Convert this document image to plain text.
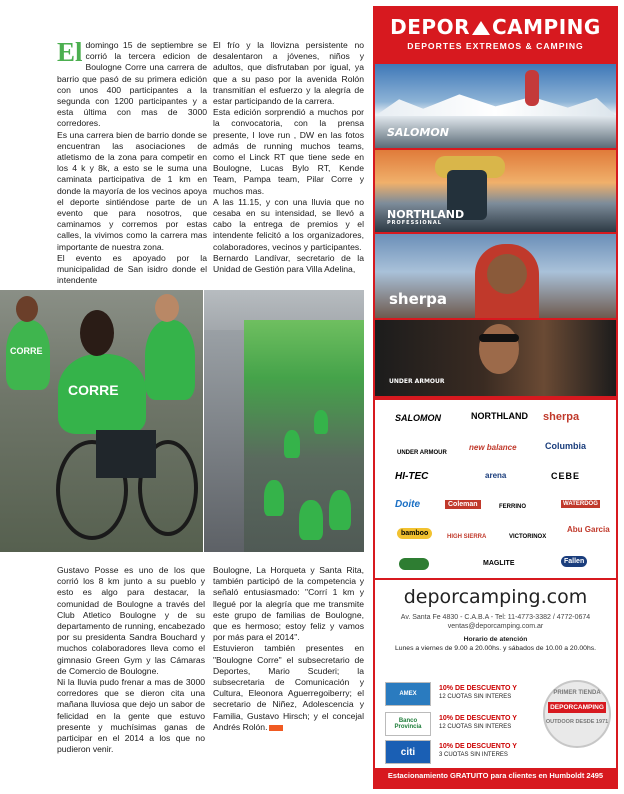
El domingo 15 de septiembre se corrió la tercera edicion de Boulogne Corre una carrera de barrio que pasó de su primera edición con unos 400 participantes a la segunda con 1200 participantes y a esta última con mas de 3000 corredores.

Es una carrera bien de barrio donde se encuentran las asociaciones de atletismo de la zona para competir en los 4 k y 8k, a esto se le suma una caminata participativa de 1 km en donde la mayoría de los vecinos apoya el deporte sintiéndose parte de un evento que para nosotros, que caminamos y corremos por estas calles, la vivimos como la carrera mas importante de nuestra zona.

El evento es apoyado por la municipalidad de San isidro donde el intendente

El frío y la llovizna persistente no desalentaron a jóvenes, niños y adultos, que disfrutaban por igual, ya que a su paso por la avenida Rolón transmitían el esfuerzo y la alegría de estar participando de la carrera.

Esta edición sorprendió a muchos por la convocatoria, con la prensa presente, I love run , DW en las fotos admás de running muchos teams, como el Linck RT que tiene sede en Boulogne, Lucas Bylo RT, Kende Team, Pampa team, Pilar Corre y muchos mas.

A las 11.15, y con una lluvia que no cesaba en su intensidad, se llevó a cabo la entrega de premios y el intendente felicitó a los organizadores, colaboradores, vecinos y participantes.

Bernardo Landívar, secretario de la Unidad de Gestión para Villa Adelina,

CORRE
CORRE

Gustavo Posse es uno de los que corrió los 8 km junto a su pueblo y esto es algo para destacar, la comunidad de Boulogne a través del Club Atletico Boulogne y de su departamento de running, encabezado por su presidenta Sandra Bouchard y muchos colaboradores lleva como el gimnasio Green Gym y las Cámaras de Comercio de Boulogne.

Ni la lluvia pudo frenar a mas de 3000 corredores que se dieron cita una mañana lluviosa que dejo un sabor de felicidad en la gente que estuvo presente y muchísimas ganas de participar en el 2014 a los que no pudieron venir.

Boulogne, La Horqueta y Santa Rita, también participó de la competencia y señaló entusiasmado: "Corrí 1 km y llegué por la alegría que me transmite este grupo de familias de Boulogne, que es hermoso; estoy feliz y vamos por más para el 2014".

Estuvieron también presentes en "Boulogne Corre" el subsecretario de Deportes, Mario Scuderi; la subsecretaria de Comunicación y Cultura, Eleonora Aguerregoiberry; el secretario de Niñez, Adolescencia y Familia, Gustavo Hirsch; y el concejal Andrés Rolón.

DEPOR CAMPING
DEPORTES EXTREMOS & CAMPING
SALOMON
NORTHLAND
PROFESSIONAL
sherpa
UNDER ARMOUR
SALOMON	NORTHLAND sherpa
UNDER ARMOUR
new balance	Columbia
HI-TEC	arena	CEBE
Doite	Coleman	FERRINO	WATERDOG
bamboo	HIGH SIERRA	VICTORINOX
Abu Garcia
MAGLITE	Fallen
deporcamping.com
Av. Santa Fe 4830 - C.A.B.A - Tel: 11-4773-3382 / 4772-0674
ventas@deporcamping.com.ar
Horario de atención
Lunes a viernes de 9.00 a 20.00hs. y sábados de 10.00 a 20.00hs.
AMEX
10% DE DESCUENTO Y
12 CUOTAS SIN INTERES
Banco Provincia
10% DE DESCUENTO Y
12 CUOTAS SIN INTERES
citi	10% DE DESCUENTO Y
3 CUOTAS SIN INTERES
PRIMER TIENDA
DEPORCAMPING
OUTDOOR DESDE 1971
Estacionamiento GRATUITO para clientes en Humboldt 2495
